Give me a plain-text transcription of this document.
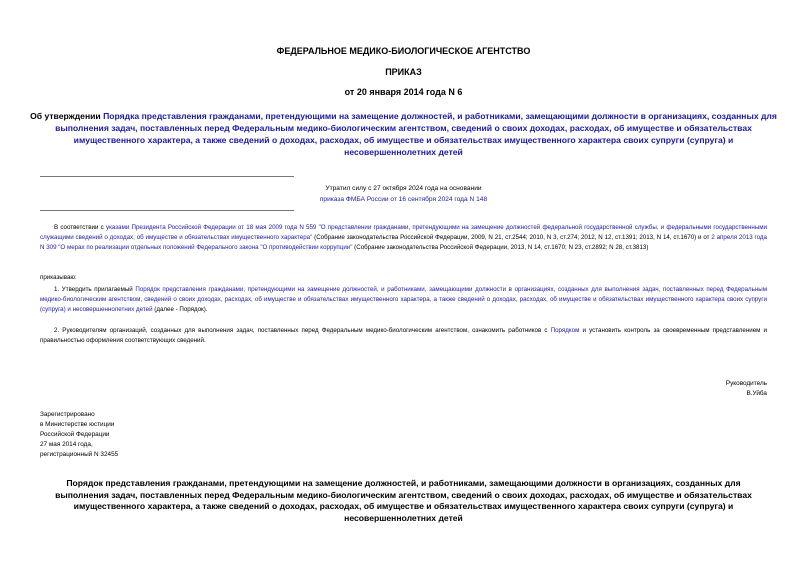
ФЕДЕРАЛЬНОЕ МЕДИКО-БИОЛОГИЧЕСКОЕ АГЕНТСТВО
ПРИКАЗ
от 20 января 2014 года N 6
Об утверждении Порядка представления гражданами, претендующими на замещение должностей, и работниками, замещающими должности в организациях, созданных для выполнения задач, поставленных перед Федеральным медико-биологическим агентством, сведений о своих доходах, расходах, об имуществе и обязательствах имущественного характера, а также сведений о доходах, расходах, об имуществе и обязательствах имущественного характера своих супруги (супруга) и несовершеннолетних детей
Утратил силу с 27 октября 2024 года на основании
приказа ФМБА России от 16 сентября 2024 года N 148
В соответствии с указами Президента Российской Федерации от 18 мая 2009 года N 559 "О представлении гражданами, претендующими на замещение должностей федеральной государственной службы, и федеральными государственными служащими сведений о доходах, об имуществе и обязательствах имущественного характера" (Собрание законодательства Российской Федерации, 2009, N 21, ст.2544; 2010, N 3, ст.274; 2012, N 12, ст.1391; 2013, N 14, ст.1670) и от 2 апреля 2013 года N 309 "О мерах по реализации отдельных положений Федерального закона "О противодействии коррупции" (Собрание законодательства Российской Федерации, 2013, N 14, ст.1670; N 23, ст.2892; N 28, ст.3813)
приказываю:
1. Утвердить прилагаемый Порядок представления гражданами, претендующими на замещение должностей, и работниками, замещающими должности в организациях, созданных для выполнения задач, поставленных перед Федеральным медико-биологическим агентством, сведений о своих доходах, расходах, об имуществе и обязательствах имущественного характера, а также сведений о доходах, расходах, об имуществе и обязательствах имущественного характера своих супруги (супруга) и несовершеннолетних детей (далее - Порядок).
2. Руководителям организаций, созданных для выполнения задач, поставленных перед Федеральным медико-биологическим агентством, ознакомить работников с Порядком и установить контроль за своевременным представлением и правильностью оформления соответствующих сведений.
Руководитель
В.Уйба
Зарегистрировано
в Министерстве юстиции
Российской Федерации
27 мая 2014 года,
регистрационный N 32455
Порядок представления гражданами, претендующими на замещение должностей, и работниками, замещающими должности в организациях, созданных для выполнения задач, поставленных перед Федеральным медико-биологическим агентством, сведений о своих доходах, расходах, об имуществе и обязательствах имущественного характера, а также сведений о доходах, расходах, об имуществе и обязательствах имущественного характера своих супруги (супруга) и несовершеннолетних детей
